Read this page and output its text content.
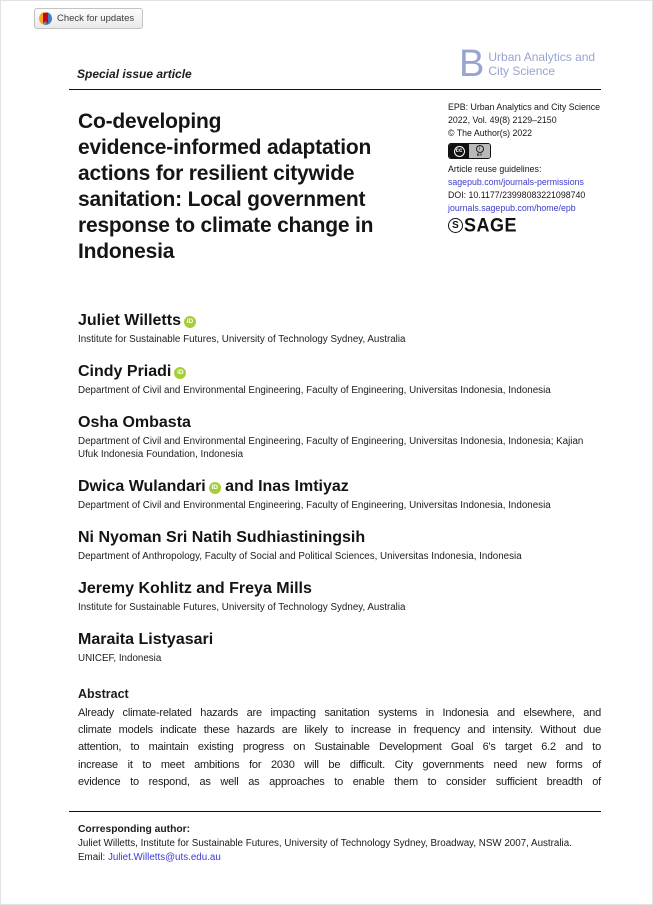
Check for updates
Special issue article	B Urban Analytics and
City Science
Co-developing
evidence-informed adaptation
actions for resilient citywide
sanitation: Local government
response to climate change in
Indonesia
EPB: Urban Analytics and City Science
2022, Vol. 49(8) 2129–2150
© The Author(s) 2022
cc	i
BY
Article reuse guidelines:
sagepub.com/journals-permissions
DOI: 10.1177/23998083221098740
journals.sagepub.com/home/epb
S SAGE
Juliet Willetts iD
Institute for Sustainable Futures, University of Technology Sydney, Australia
Cindy Priadi iD
Department of Civil and Environmental Engineering, Faculty of Engineering, Universitas Indonesia, Indonesia
Osha Ombasta
Department of Civil and Environmental Engineering, Faculty of Engineering, Universitas Indonesia, Indonesia; Kajian Ufuk Indonesia Foundation, Indonesia
Dwica Wulandari iD and Inas Imtiyaz
Department of Civil and Environmental Engineering, Faculty of Engineering, Universitas Indonesia, Indonesia
Ni Nyoman Sri Natih Sudhiastiningsih
Department of Anthropology, Faculty of Social and Political Sciences, Universitas Indonesia, Indonesia
Jeremy Kohlitz and Freya Mills
Institute for Sustainable Futures, University of Technology Sydney, Australia
Maraita Listyasari
UNICEF, Indonesia
Abstract
Already climate-related hazards are impacting sanitation systems in Indonesia and elsewhere, and
climate models indicate these hazards are likely to increase in frequency and intensity. Without due
attention, to maintain existing progress on Sustainable Development Goal 6's target 6.2 and to
increase it to meet ambitions for 2030 will be difficult. City governments need new forms of
evidence to respond, as well as approaches to enable them to consider sufficient breadth of
Corresponding author:
Juliet Willetts, Institute for Sustainable Futures, University of Technology Sydney, Broadway, NSW 2007, Australia.
Email: Juliet.Willetts@uts.edu.au
